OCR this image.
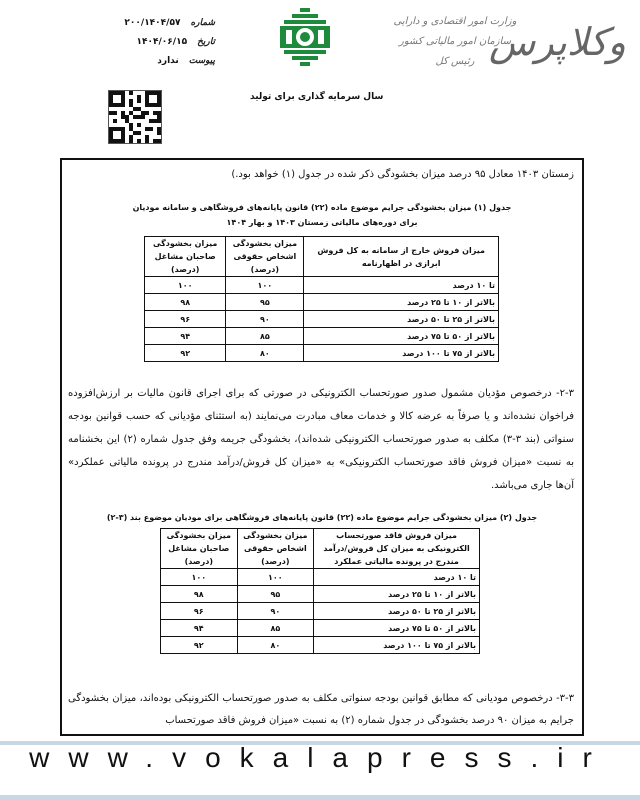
شماره
۲۰۰/۱۴۰۴/۵۷
تاریخ
۱۴۰۴/۰۶/۱۵
پیوست
ندارد
وزارت امور اقتصادی و دارایی
سازمان امور مالیاتی کشور
رئیس کل وکلاپرس
سال سرمایه گذاری برای تولید

زمستان ۱۴۰۳ معادل ۹۵ درصد میزان بخشودگی ذکر شده در جدول (۱) خواهد بود.)

جدول (۱) میزان بخشودگی جرایم موضوع ماده (۲۲) قانون پایانه‌های فروشگاهی و سامانه مودیان
برای دوره‌های مالیاتی زمستان ۱۴۰۳ و بهار ۱۴۰۴
میزان فروش خارج از سامانه به کل فروش ابرازی در اظهارنامه	میزان بخشودگی اشخاص حقوقی (درصد)	میزان بخشودگی صاحبان مشاغل (درصد)
تا ۱۰ درصد	۱۰۰	۱۰۰
بالاتر از ۱۰ تا ۲۵ درصد	۹۵	۹۸
بالاتر از ۲۵ تا ۵۰ درصد	۹۰	۹۶
بالاتر از ۵۰ تا ۷۵ درصد	۸۵	۹۴
بالاتر از ۷۵ تا ۱۰۰ درصد	۸۰	۹۲

۲-۳- درخصوص مؤدیان مشمول صدور صورتحساب الکترونیکی در صورتی که برای اجرای قانون مالیات بر ارزش‌افزوده فراخوان نشده‌اند و یا صرفاً به عرضه کالا و خدمات معاف مبادرت می‌نمایند (به استثنای مؤدیانی که حسب قوانین بودجه سنواتی (بند ۳-۳) مکلف به صدور صورتحساب الکترونیکی شده‌اند)، بخشودگی جریمه وفق جدول شماره (۲) این بخشنامه به نسبت «میزان فروش فاقد صورتحساب الکترونیکی» به «میزان کل فروش/درآمد مندرج در پرونده مالیاتی عملکرد» آن‌ها جاری می‌باشد.

جدول (۲) میزان بخشودگی جرایم موضوع ماده (۲۲) قانون پایانه‌های فروشگاهی برای مودیان موضوع بند (۳-۲)
میزان فروش فاقد صورتحساب الکترونیکی به میزان کل فروش/درآمد مندرج در پرونده مالیاتی عملکرد	میزان بخشودگی اشخاص حقوقی (درصد)	میزان بخشودگی صاحبان مشاغل (درصد)
تا ۱۰ درصد	۱۰۰	۱۰۰
بالاتر از ۱۰ تا ۲۵ درصد	۹۵	۹۸
بالاتر از ۲۵ تا ۵۰ درصد	۹۰	۹۶
بالاتر از ۵۰ تا ۷۵ درصد	۸۵	۹۴
بالاتر از ۷۵ تا ۱۰۰ درصد	۸۰	۹۲

۳-۳- درخصوص مودیانی که مطابق قوانین بودجه سنواتی مکلف به صدور صورتحساب الکترونیکی بوده‌اند، میزان بخشودگی جرایم به میزان ۹۰ درصد بخشودگی در جدول شماره (۲) به نسبت «میزان فروش فاقد صورتحساب

www.vokalapress.ir
